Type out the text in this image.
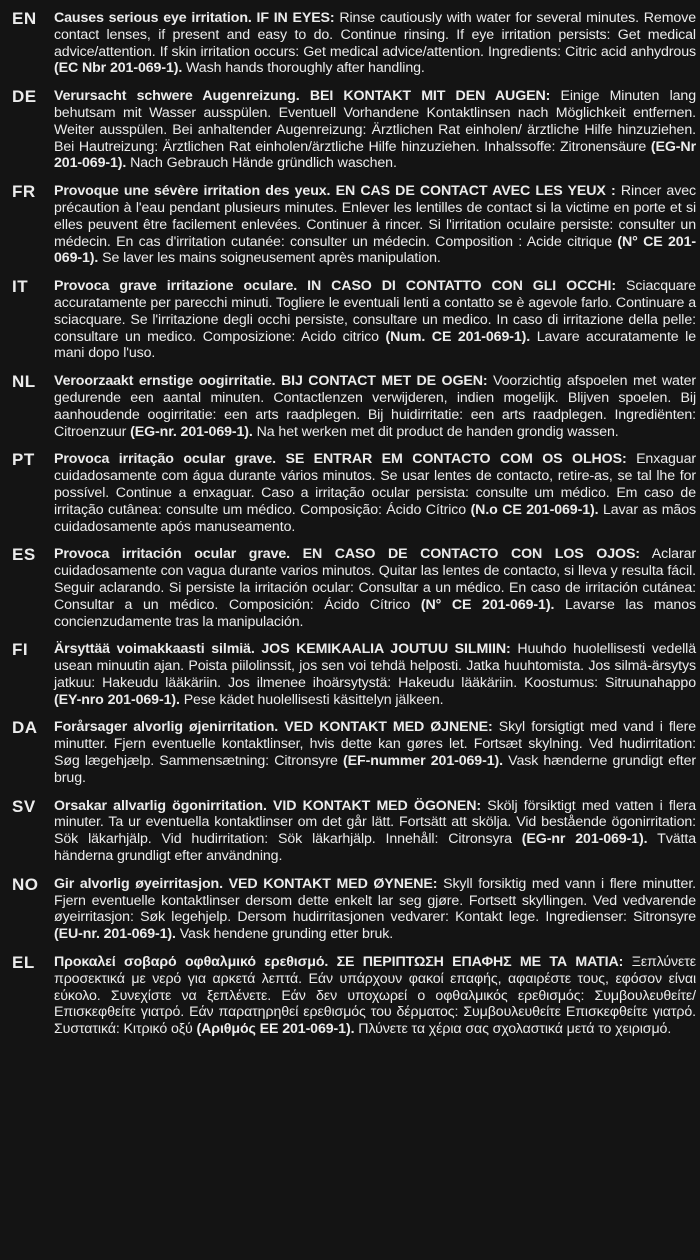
EN	Causes serious eye irritation. IF IN EYES: Rinse cautiously with water for several minutes. Remove contact lenses, if present and easy to do. Continue rinsing. If eye irritation persists: Get medical advice/attention. If skin irritation occurs: Get medical advice/attention. Ingredients: Citric acid anhydrous (EC Nbr 201-069-1). Wash hands thoroughly after handling.
DE	Verursacht schwere Augenreizung. BEI KONTAKT MIT DEN AUGEN: Einige Minuten lang behutsam mit Wasser ausspülen. Eventuell Vorhandene Kontaktlinsen nach Möglichkeit entfernen. Weiter ausspülen. Bei anhaltender Augenreizung: Ärztlichen Rat einholen/ ärztliche Hilfe hinzuziehen. Bei Hautreizung: Ärztlichen Rat einholen/ärztliche Hilfe hinzuziehen. Inhalssoffe: Zitronensäure (EG-Nr 201-069-1). Nach Gebrauch Hände gründlich waschen.
FR	Provoque une sévère irritation des yeux. EN CAS DE CONTACT AVEC LES YEUX : Rincer avec précaution à l'eau pendant plusieurs minutes. Enlever les lentilles de contact si la victime en porte et si elles peuvent être facilement enlevées. Continuer à rincer. Si l'irritation oculaire persiste: consulter un médecin. En cas d'irritation cutanée: consulter un médecin. Composition : Acide citrique (N° CE 201-069-1). Se laver les mains soigneusement après manipulation.
IT	Provoca grave irritazione oculare. IN CASO DI CONTATTO CON GLI OCCHI: Sciacquare accuratamente per parecchi minuti. Togliere le eventuali lenti a contatto se è agevole farlo. Continuare a sciacquare. Se l'irritazione degli occhi persiste, consultare un medico. In caso di irritazione della pelle: consultare un medico. Composizione: Acido citrico (Num. CE 201-069-1). Lavare accuratamente le mani dopo l'uso.
NL	Veroorzaakt ernstige oogirritatie. BIJ CONTACT MET DE OGEN: Voorzichtig afspoelen met water gedurende een aantal minuten. Contactlenzen verwijderen, indien mogelijk. Blijven spoelen. Bij aanhoudende oogirritatie: een arts raadplegen. Bij huidirritatie: een arts raadplegen. Ingrediënten: Citroenzuur (EG-nr. 201-069-1). Na het werken met dit product de handen grondig wassen.
PT	Provoca irritação ocular grave. SE ENTRAR EM CONTACTO COM OS OLHOS: Enxaguar cuidadosamente com água durante vários minutos. Se usar lentes de contacto, retire-as, se tal lhe for possível. Continue a enxaguar. Caso a irritação ocular persista: consulte um médico. Em caso de irritação cutânea: consulte um médico. Composição: Ácido Cítrico (N.o CE 201-069-1). Lavar as mãos cuidadosamente após manuseamento.
ES	Provoca irritación ocular grave. EN CASO DE CONTACTO CON LOS OJOS: Aclarar cuidadosamente con vagua durante varios minutos. Quitar las lentes de contacto, si lleva y resulta fácil. Seguir aclarando. Si persiste la irritación ocular: Consultar a un médico. En caso de irritación cutánea: Consultar a un médico. Composición: Ácido Cítrico (N° CE 201-069-1). Lavarse las manos concienzudamente tras la manipulación.
FI	Ärsyttää voimakkaasti silmiä. JOS KEMIKAALIA JOUTUU SILMIIN: Huuhdo huolellisesti vedellä usean minuutin ajan. Poista piilolinssit, jos sen voi tehdä helposti. Jatka huuhtomista. Jos silmä-ärsytys jatkuu: Hakeudu lääkäriin. Jos ilmenee ihoärsytystä: Hakeudu lääkäriin. Koostumus: Sitruunahappo (EY-nro 201-069-1). Pese kädet huolellisesti käsittelyn jälkeen.
DA	Forårsager alvorlig øjenirritation. VED KONTAKT MED ØJNENE: Skyl forsigtigt med vand i flere minutter. Fjern eventuelle kontaktlinser, hvis dette kan gøres let. Fortsæt skylning. Ved hudirritation: Søg lægehjælp. Sammensætning: Citronsyre (EF-nummer 201-069-1). Vask hænderne grundigt efter brug.
SV	Orsakar allvarlig ögonirritation. VID KONTAKT MED ÖGONEN: Skölj försiktigt med vatten i flera minuter. Ta ur eventuella kontaktlinser om det går lätt. Fortsätt att skölja. Vid bestående ögonirritation: Sök läkarhjälp. Vid hudirritation: Sök läkarhjälp. Innehåll: Citronsyra (EG-nr 201-069-1). Tvätta händerna grundligt efter användning.
NO	Gir alvorlig øyeirritasjon. VED KONTAKT MED ØYNENE: Skyll forsiktig med vann i flere minutter. Fjern eventuelle kontaktlinser dersom dette enkelt lar seg gjøre. Fortsett skyllingen. Ved vedvarende øyeirritasjon: Søk legehjelp. Dersom hudirritasjonen vedvarer: Kontakt lege. Ingredienser: Sitronsyre (EU-nr. 201-069-1). Vask hendene grunding etter bruk.
EL	Προκαλεί σοβαρό οφθαλμικό ερεθισμό. ΣΕ ΠΕΡΙΠΤΩΣΗ ΕΠΑΦΗΣ ΜΕ ΤΑ ΜΑΤΙΑ: Ξεπλύνετε προσεκτικά με νερό για αρκετά λεπτά. Εάν υπάρχουν φακοί επαφής, αφαιρέστε τους, εφόσον είναι εύκολο. Συνεχίστε να ξεπλένετε. Εάν δεν υποχωρεί ο οφθαλμικός ερεθισμός: Συμβουλευθείτε/Επισκεφθείτε γιατρό. Εάν παρατηρηθεί ερεθισμός του δέρματος: Συμβουλευθείτε Επισκεφθείτε γιατρό. Συστατικά: Κιτρικό οξύ (Αριθμός ΕΕ 201-069-1). Πλύνετε τα χέρια σας σχολαστικά μετά το χειρισμό.
